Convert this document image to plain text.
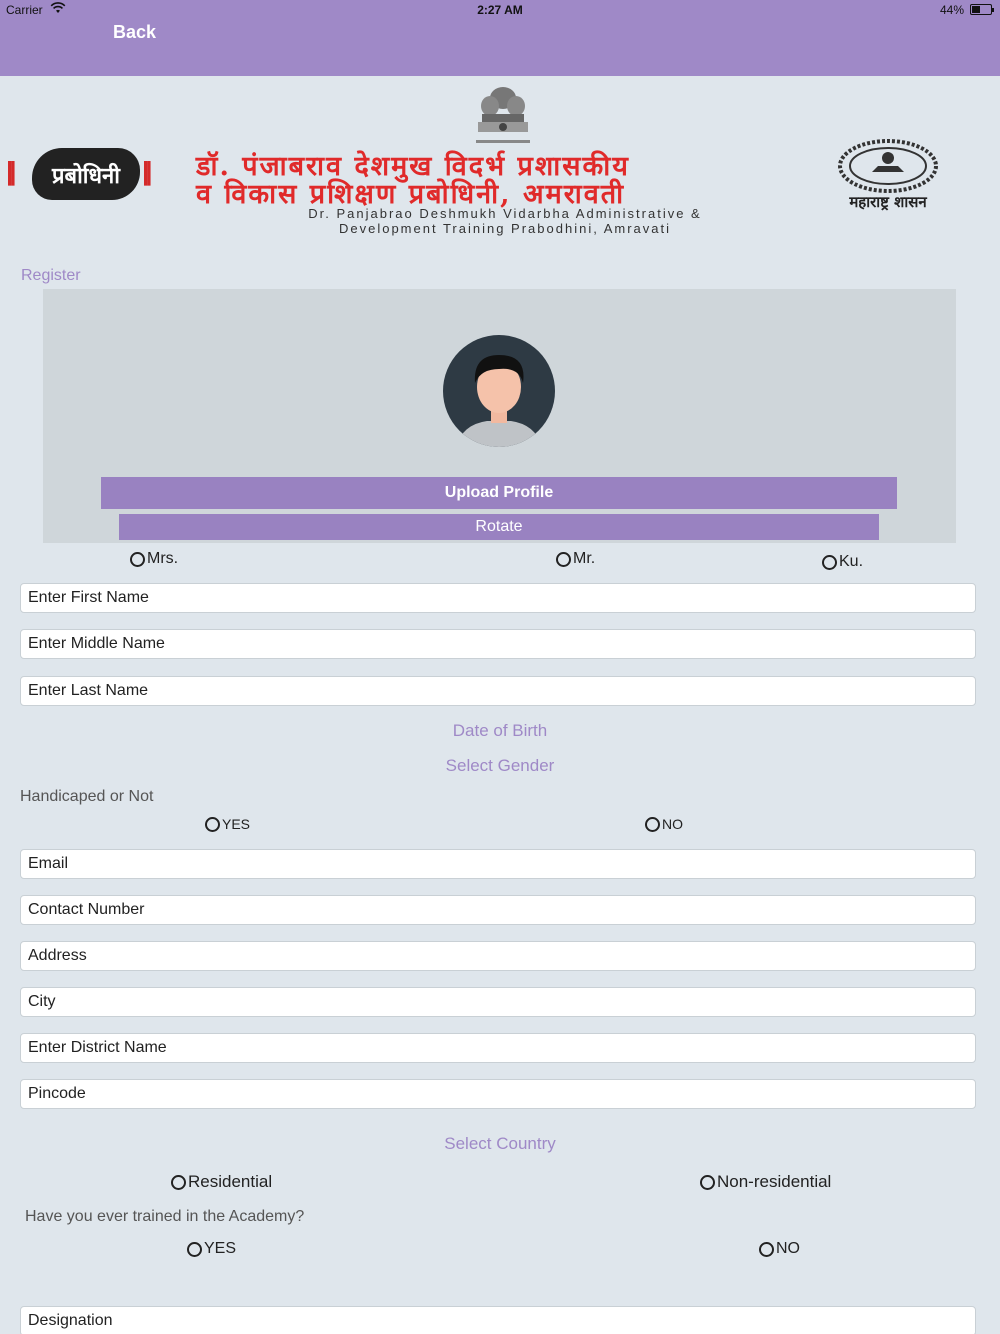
Carrier	2:27 AM	44%
Back
||	प्रबोधिनी || डॉ. पंजाबराव देशमुख विदर्भ प्रशासकीय
व विकास प्रशिक्षण प्रबोधिनी, अमरावती
Dr. Panjabrao Deshmukh Vidarbha Administrative &
Development Training Prabodhini, Amravati
महाराष्ट्र शासन
Register
Upload Profile
Rotate
Mrs.	Mr.	Ku.
Enter First Name
Enter Middle Name
Enter Last Name
Date of Birth
Select Gender
Handicaped or Not
YES	NO
Email
Contact Number
Address
City
Enter District Name
Pincode
Select Country
Residential	Non-residential
Have you ever trained in the Academy?
YES	NO
Designation
